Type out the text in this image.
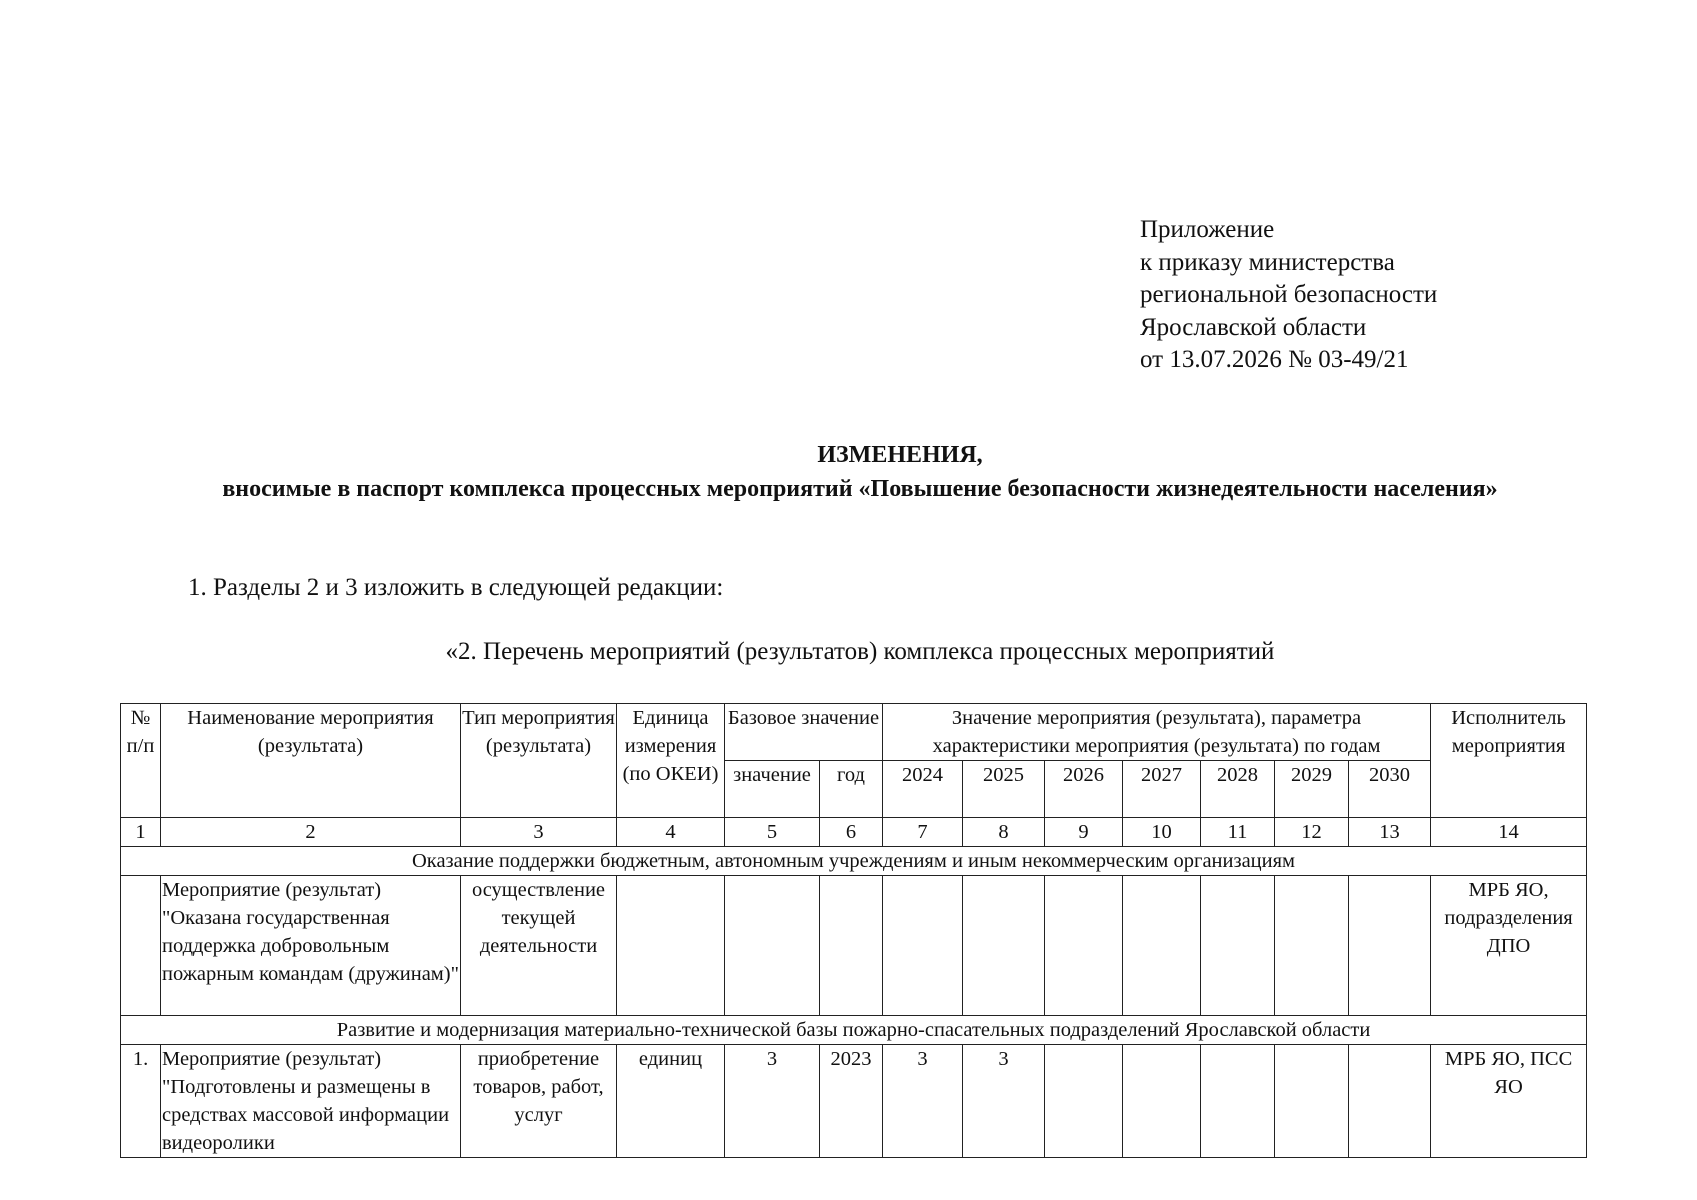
Приложение
к приказу министерства
региональной безопасности
Ярославской области
от 13.07.2026 № 03-49/21
ИЗМЕНЕНИЯ,
вносимые в паспорт комплекса процессных мероприятий «Повышение безопасности жизнедеятельности населения»
1. Разделы 2 и 3 изложить в следующей редакции:
«2. Перечень мероприятий (результатов) комплекса процессных мероприятий
№ п/п	Наименование мероприятия (результата)	Тип мероприятия (результата)	Единица измерения (по ОКЕИ)	Базовое значение		Значение мероприятия (результата), параметра характеристики мероприятия (результата) по годам							Исполнитель мероприятия

				значение	год	2024	2025	2026	2027	2028	2029	2030	
1	2	3	4	5	6	7	8	9	10	11	12	13	14
Оказание поддержки бюджетным, автономным учреждениям и иным некоммерческим организациям													
	Мероприятие (результат) "Оказана государственная поддержка добровольным пожарным командам (дружинам)"	осуществление текущей деятельности											МРБ ЯО, подразделения ДПО
Развитие и модернизация материально-технической базы пожарно-спасательных подразделений Ярославской области													
1.	Мероприятие (результат) "Подготовлены и размещены в средствах массовой информации видеоролики	приобретение товаров, работ, услуг	единиц	3	2023	3	3						МРБ ЯО, ПСС ЯО
